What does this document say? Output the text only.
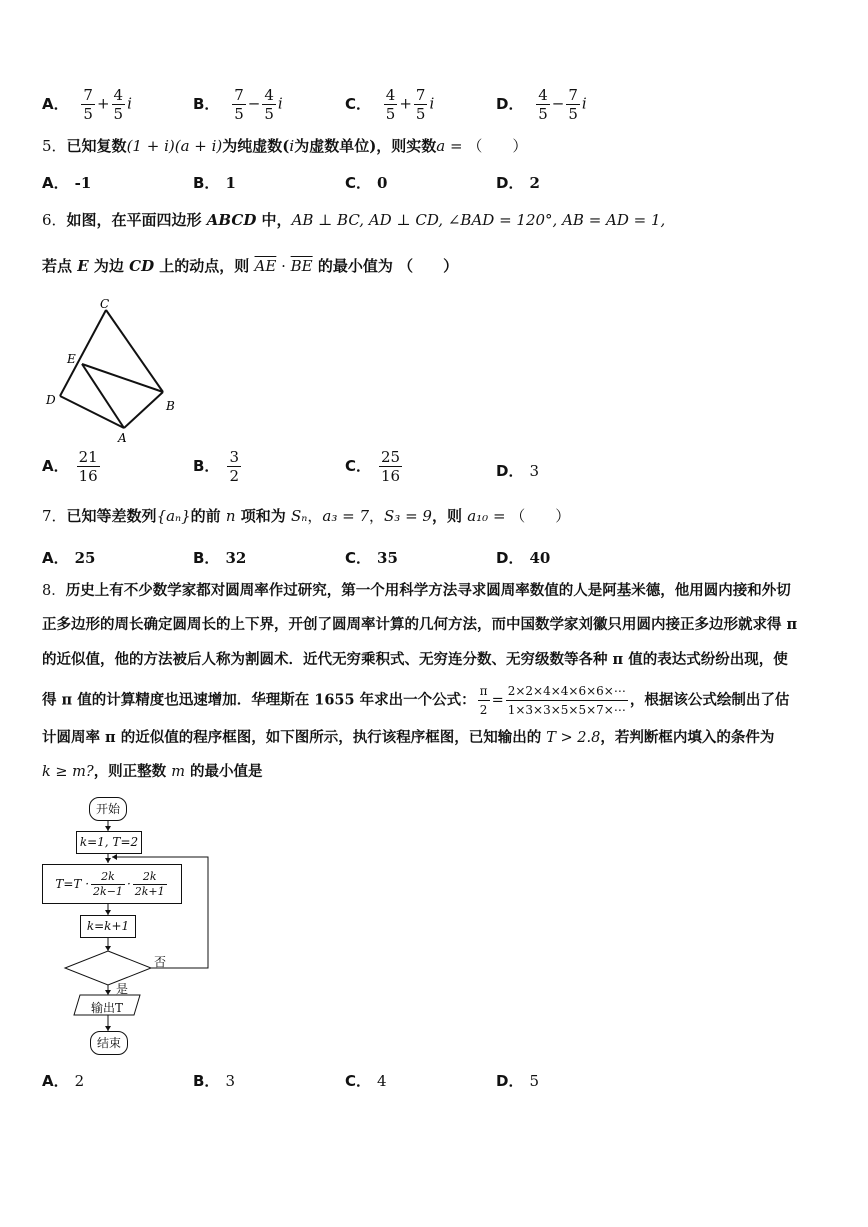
A． $\frac{7}{5} + \frac{4}{5}$ i	B． $\frac{7}{5} - \frac{4}{5}$ i	C． $\frac{4}{5} + \frac{7}{5}$ i	D． $\frac{4}{5} - \frac{7}{5}$ i
5．已知复数(1 + i)(a + i)为纯虚数(i为虚数单位)，则实数a = （　　）
A． -1	B． 1	C． 0	D． 2
6．如图，在平面四边形 ABCD 中，AB ⊥ BC, AD ⊥ CD, ∠BAD = 120°, AB = AD = 1,
若点 E 为边 CD 上的动点，则 $\overline{AE} \cdot \overline{BE}$ 的最小值为 （　　）
C
E
D
A
B
A． $\frac{21}{16}$	B． $\frac{3}{2}$	C． $\frac{25}{16}$	D． 3
7．已知等差数列{aₙ}的前 n 项和为 Sₙ，a₃ = 7，S₃ = 9，则 a₁₀ = （　　）
A． 25	B． 32	C． 35	D． 40
8．历史上有不少数学家都对圆周率作过研究，第一个用科学方法寻求圆周率数值的人是阿基米德，他用圆内接和外切
正多边形的周长确定圆周长的上下界，开创了圆周率计算的几何方法，而中国数学家刘徽只用圆内接正多边形就求得 π
的近似值，他的方法被后人称为割圆术．近代无穷乘积式、无穷连分数、无穷级数等各种 π 值的表达式纷纷出现，使
得 π 值的计算精度也迅速增加．华理斯在 1655 年求出一个公式： $\frac{\pi}{2} = \frac{2\times 2\times 4\times 4\times 6\times 6\times\cdots}{1\times 3\times 3\times 5\times 5\times 7\times\cdots}$ ，根据该公式绘制出了估
计圆周率 π 的近似值的程序框图，如下图所示，执行该程序框图，已知输出的 T > 2.8，若判断框内填入的条件为
k ≥ m?，则正整数 m 的最小值是
开始
k=1, T=2
$T=T \cdot \frac{2k}{2k-1} \cdot \frac{2k}{2k+1}$
k=k+1
否
是
输出T
结束
A． 2	B． 3	C． 4	D． 5
